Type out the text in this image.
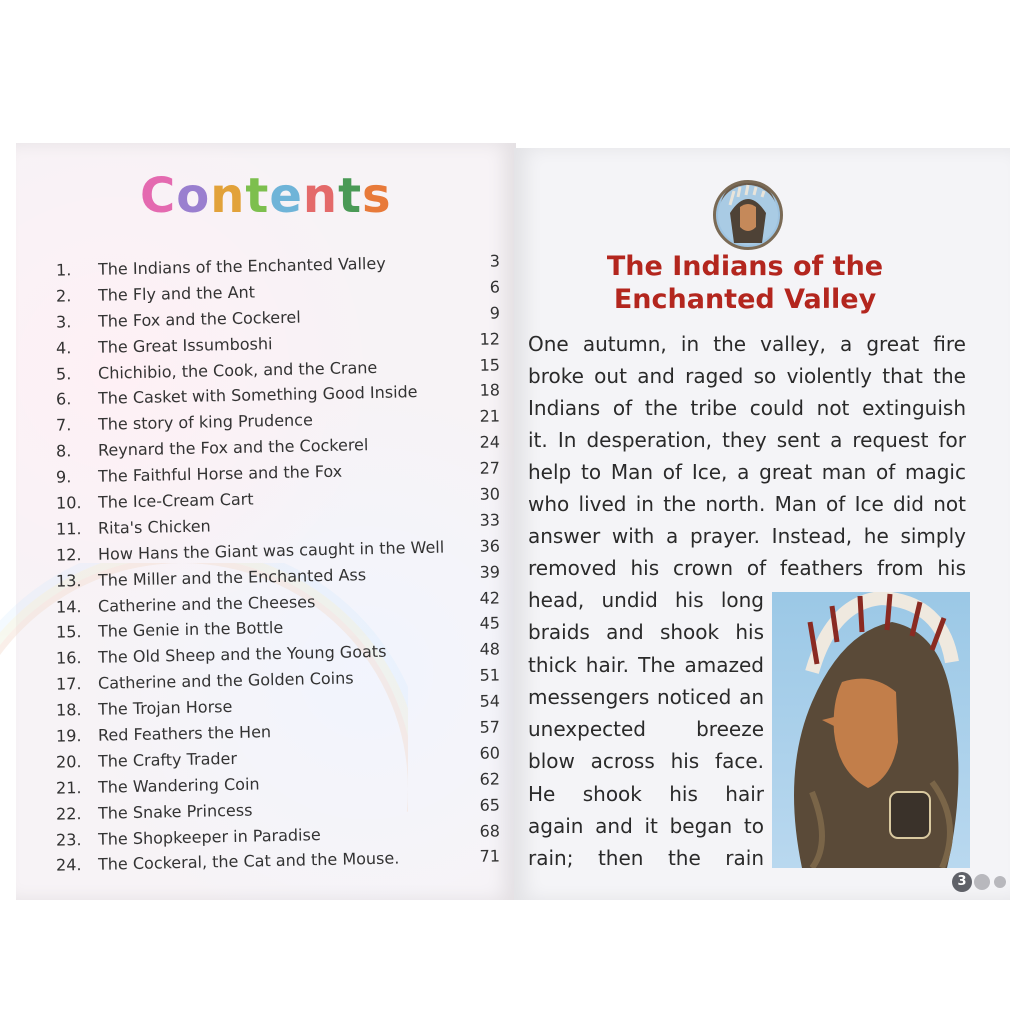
Contents
1.	The Indians of the Enchanted Valley	3
2.	The Fly and the Ant	6
3.	The Fox and the Cockerel	9
4.	The Great Issumboshi	12
5.	Chichibio, the Cook, and the Crane	15
6.	The Casket with Something Good Inside	18
7.	The story of king Prudence	21
8.	Reynard the Fox and the Cockerel	24
9.	The Faithful Horse and the Fox	27
10.	The Ice-Cream Cart	30
11.	Rita's Chicken	33
12.	How Hans the Giant was caught in the Well	36
13.	The Miller and the Enchanted Ass	39
14.	Catherine and the Cheeses	42
15.	The Genie in the Bottle	45
16.	The Old Sheep and the Young Goats	48
17.	Catherine and the Golden Coins	51
18.	The Trojan Horse	54
19.	Red Feathers the Hen	57
20.	The Crafty Trader	60
21.	The Wandering Coin	62
22.	The Snake Princess	65
23.	The Shopkeeper in Paradise	68
24.	The Cockeral, the Cat and the Mouse.	71
The Indians of the
Enchanted Valley
One autumn, in the valley, a great fire
broke out and raged so violently that the
Indians of the tribe could not extinguish
it. In desperation, they sent a request for
help to Man of Ice, a great man of magic
who lived in the north. Man of Ice did not
answer with a prayer. Instead, he simply
removed his crown of feathers from his
head, undid his long
braids and shook his
thick hair. The amazed
messengers noticed an
unexpected breeze
blow across his face.
He shook his hair
again and it began to
rain; then the rain
3
